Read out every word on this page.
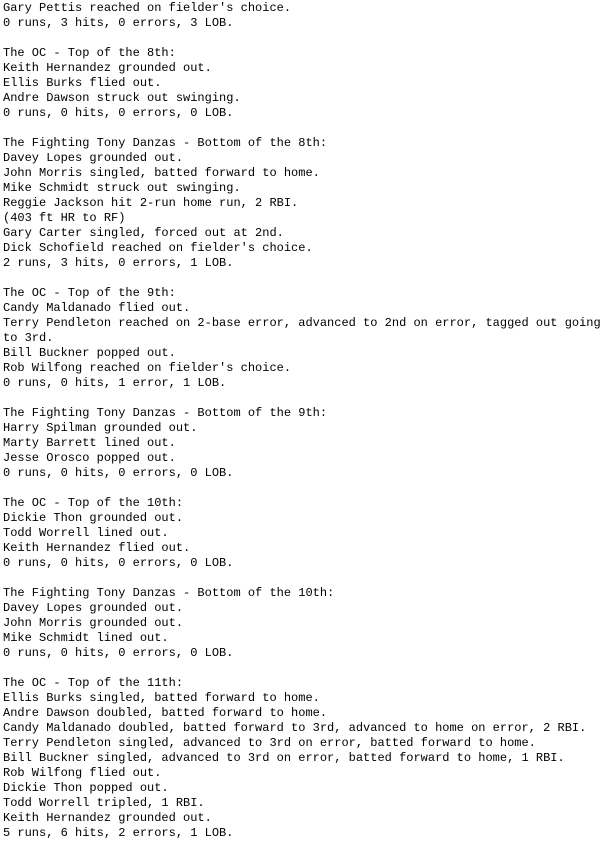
Gary Pettis reached on fielder's choice.
0 runs, 3 hits, 0 errors, 3 LOB.
The OC - Top of the 8th:
Keith Hernandez grounded out.
Ellis Burks flied out.
Andre Dawson struck out swinging.
0 runs, 0 hits, 0 errors, 0 LOB.
The Fighting Tony Danzas - Bottom of the 8th:
Davey Lopes grounded out.
John Morris singled, batted forward to home.
Mike Schmidt struck out swinging.
Reggie Jackson hit 2-run home run, 2 RBI.
(403 ft HR to RF)
Gary Carter singled, forced out at 2nd.
Dick Schofield reached on fielder's choice.
2 runs, 3 hits, 0 errors, 1 LOB.
The OC - Top of the 9th:
Candy Maldanado flied out.
Terry Pendleton reached on 2-base error, advanced to 2nd on error, tagged out going to 3rd.
Bill Buckner popped out.
Rob Wilfong reached on fielder's choice.
0 runs, 0 hits, 1 error, 1 LOB.
The Fighting Tony Danzas - Bottom of the 9th:
Harry Spilman grounded out.
Marty Barrett lined out.
Jesse Orosco popped out.
0 runs, 0 hits, 0 errors, 0 LOB.
The OC - Top of the 10th:
Dickie Thon grounded out.
Todd Worrell lined out.
Keith Hernandez flied out.
0 runs, 0 hits, 0 errors, 0 LOB.
The Fighting Tony Danzas - Bottom of the 10th:
Davey Lopes grounded out.
John Morris grounded out.
Mike Schmidt lined out.
0 runs, 0 hits, 0 errors, 0 LOB.
The OC - Top of the 11th:
Ellis Burks singled, batted forward to home.
Andre Dawson doubled, batted forward to home.
Candy Maldanado doubled, batted forward to 3rd, advanced to home on error, 2 RBI.
Terry Pendleton singled, advanced to 3rd on error, batted forward to home.
Bill Buckner singled, advanced to 3rd on error, batted forward to home, 1 RBI.
Rob Wilfong flied out.
Dickie Thon popped out.
Todd Worrell tripled, 1 RBI.
Keith Hernandez grounded out.
5 runs, 6 hits, 2 errors, 1 LOB.
